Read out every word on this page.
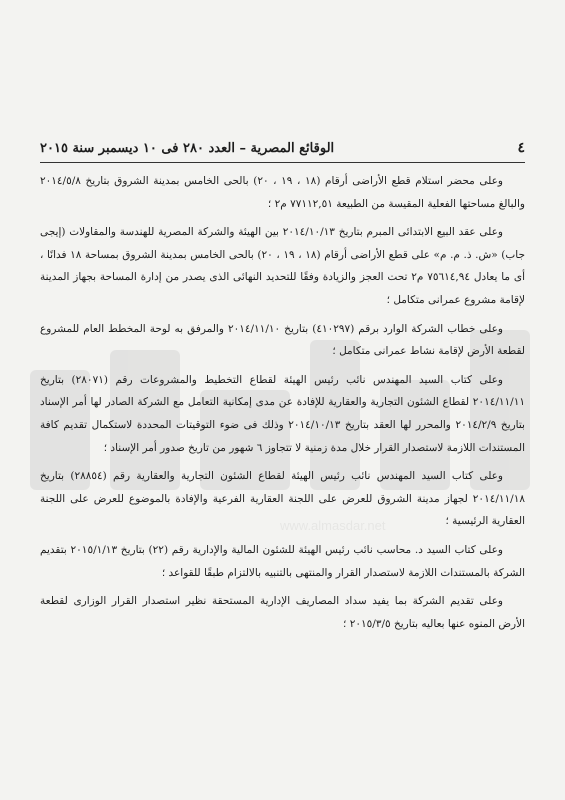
www.almasdar.net
٤
الوقائع المصرية – العدد ٢٨٠ فى ١٠ ديسمبر سنة ٢٠١٥

وعلى محضر استلام قطع الأراضى أرقام (١٨ ، ١٩ ، ٢٠) بالحى الخامس بمدينة الشروق بتاريخ ٢٠١٤/٥/٨ والبالغ مساحتها الفعلية المقيسة من الطبيعة ٧٧١١٢,٥١ م٢ ؛

وعلى عقد البيع الابتدائى المبرم بتاريخ ٢٠١٤/١٠/١٣ بين الهيئة والشركة المصرية للهندسة والمقاولات (إيجى جاب) «ش. ذ. م. م» على قطع الأراضى أرقام (١٨ ، ١٩ ، ٢٠) بالحى الخامس بمدينة الشروق بمساحة ١٨ فدانًا ، أى ما يعادل ٧٥٦١٤,٩٤ م٢ تحت العجز والزيادة وفقًا للتحديد النهائى الذى يصدر من إدارة المساحة بجهاز المدينة لإقامة مشروع عمرانى متكامل ؛

وعلى خطاب الشركة الوارد برقم (٤١٠٢٩٧) بتاريخ ٢٠١٤/١١/١٠ والمرفق به لوحة المخطط العام للمشروع لقطعة الأرض لإقامة نشاط عمرانى متكامل ؛

وعلى كتاب السيد المهندس نائب رئيس الهيئة لقطاع التخطيط والمشروعات رقم (٢٨٠٧١) بتاريخ ٢٠١٤/١١/١١ لقطاع الشئون التجارية والعقارية للإفادة عن مدى إمكانية التعامل مع الشركة الصادر لها أمر الإسناد بتاريخ ٢٠١٤/٢/٩ والمحرر لها العقد بتاريخ ٢٠١٤/١٠/١٣ وذلك فى ضوء التوقيتات المحددة لاستكمال تقديم كافة المستندات اللازمة لاستصدار القرار خلال مدة زمنية لا تتجاوز ٦ شهور من تاريخ صدور أمر الإسناد ؛

وعلى كتاب السيد المهندس نائب رئيس الهيئة لقطاع الشئون التجارية والعقارية رقم (٢٨٨٥٤) بتاريخ ٢٠١٤/١١/١٨ لجهاز مدينة الشروق للعرض على اللجنة العقارية الفرعية والإفادة بالموضوع للعرض على اللجنة العقارية الرئيسية ؛

وعلى كتاب السيد د. محاسب نائب رئيس الهيئة للشئون المالية والإدارية رقم (٢٢) بتاريخ ٢٠١٥/١/١٣ بتقديم الشركة بالمستندات اللازمة لاستصدار القرار والمنتهى بالتنبيه بالالتزام طبقًا للقواعد ؛

وعلى تقديم الشركة بما يفيد سداد المصاريف الإدارية المستحقة نظير استصدار القرار الوزارى لقطعة الأرض المنوه عنها بعاليه بتاريخ ٢٠١٥/٣/٥ ؛
